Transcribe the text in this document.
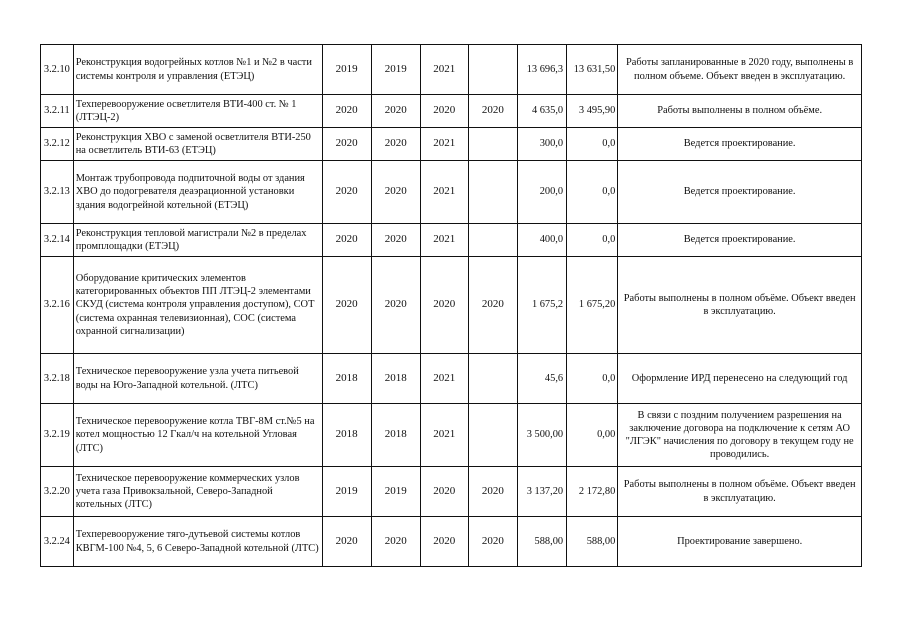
3.2.10	Реконструкция водогрейных котлов №1 и №2 в части системы контроля и управления (ЕТЭЦ)	2019	2019	2021		13 696,3	13 631,50	Работы запланированные в 2020 году, выполнены в полном объеме. Объект введен в эксплуатацию.
3.2.11	Техперевооружение осветлителя ВТИ-400 ст. № 1 (ЛТЭЦ-2)	2020	2020	2020	2020	4 635,0	3 495,90	Работы выполнены в полном объёме.
3.2.12	Реконструкция ХВО с заменой осветлителя ВТИ-250 на осветлитель ВТИ-63 (ЕТЭЦ)	2020	2020	2021		300,0	0,0	Ведется проектирование.
3.2.13	Монтаж трубопровода подпиточной воды от здания ХВО до подогревателя деаэрационной установки здания водогрейной котельной (ЕТЭЦ)	2020	2020	2021		200,0	0,0	Ведется проектирование.
3.2.14	Реконструкция тепловой магистрали №2 в пределах промплощадки (ЕТЭЦ)	2020	2020	2021		400,0	0,0	Ведется проектирование.
3.2.16	Оборудование критических элементов категорированных объектов ПП ЛТЭЦ-2 элементами СКУД (система контроля управления доступом), СОТ (система охранная телевизионная), СОС (система охранной сигнализации)	2020	2020	2020	2020	1 675,2	1 675,20	Работы выполнены в полном объёме. Объект введен в эксплуатацию.
3.2.18	Техническое перевооружение узла учета питьевой воды на Юго-Западной котельной. (ЛТС)	2018	2018	2021		45,6	0,0	Оформление ИРД перенесено на следующий год
3.2.19	Техническое перевооружение котла ТВГ-8М ст.№5 на котел мощностью 12 Гкал/ч на котельной Угловая (ЛТС)	2018	2018	2021		3 500,00	0,00	В связи с поздним получением разрешения на заключение договора на подключение к сетям АО "ЛГЭК" начисления по договору в текущем году не проводились.
3.2.20	Техническое перевооружение коммерческих узлов учета газа Привокзальной, Северо-Западной котельных (ЛТС)	2019	2019	2020	2020	3 137,20	2 172,80	Работы выполнены в полном объёме. Объект введен в эксплуатацию.
3.2.24	Техперевооружение тяго-дутьевой системы котлов КВГМ-100 №4, 5, 6 Северо-Западной котельной (ЛТС)	2020	2020	2020	2020	588,00	588,00	Проектирование завершено.
